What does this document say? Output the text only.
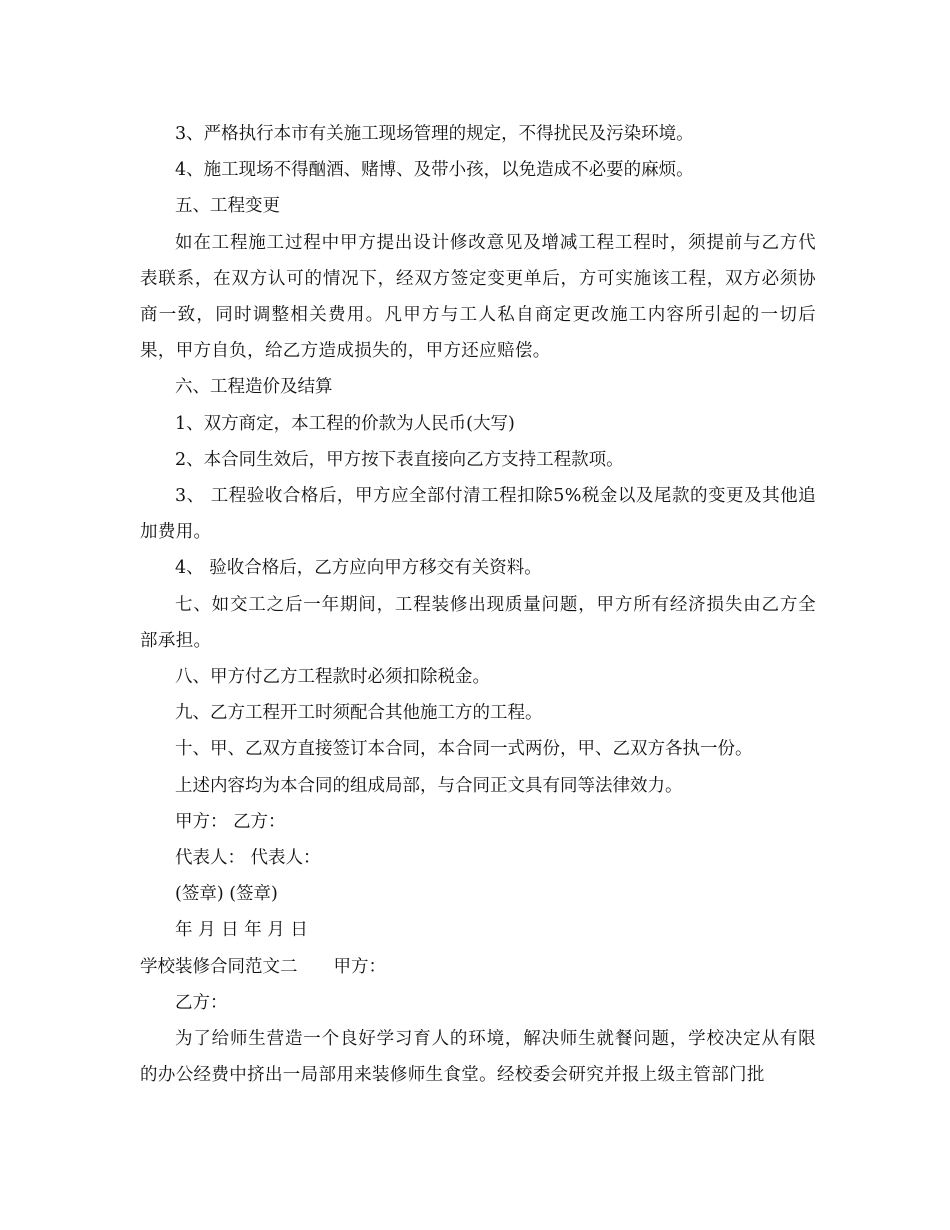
3、严格执行本市有关施工现场管理的规定，不得扰民及污染环境。

4、施工现场不得酗酒、赌博、及带小孩，以免造成不必要的麻烦。

五、工程变更

如在工程施工过程中甲方提出设计修改意见及增减工程工程时，须提前与乙方代表联系，在双方认可的情况下，经双方签定变更单后，方可实施该工程，双方必须协商一致，同时调整相关费用。凡甲方与工人私自商定更改施工内容所引起的一切后果，甲方自负，给乙方造成损失的，甲方还应赔偿。

六、工程造价及结算

1、双方商定，本工程的价款为人民币(大写)

2、本合同生效后，甲方按下表直接向乙方支持工程款项。

3、 工程验收合格后，甲方应全部付清工程扣除5%税金以及尾款的变更及其他追加费用。

4、 验收合格后，乙方应向甲方移交有关资料。

七、如交工之后一年期间，工程装修出现质量问题，甲方所有经济损失由乙方全部承担。

八、甲方付乙方工程款时必须扣除税金。

九、乙方工程开工时须配合其他施工方的工程。

十、甲、乙双方直接签订本合同，本合同一式两份，甲、乙双方各执一份。

上述内容均为本合同的组成局部，与合同正文具有同等法律效力。

甲方： 乙方：

代表人： 代表人：

(签章) (签章)

年 月 日 年 月 日

学校装修合同范文二 甲方：

乙方：

为了给师生营造一个良好学习育人的环境，解决师生就餐问题，学校决定从有限的办公经费中挤出一局部用来装修师生食堂。经校委会研究并报上级主管部门批
